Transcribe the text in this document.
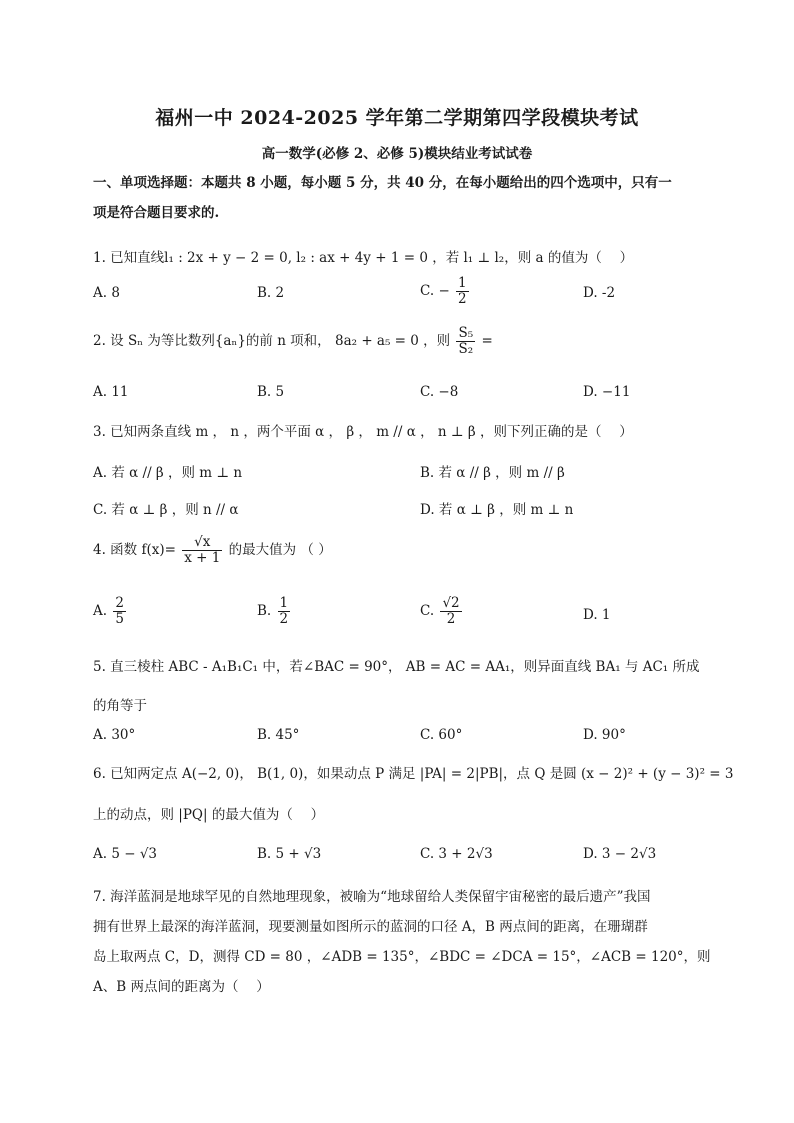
福州一中 2024-2025 学年第二学期第四学段模块考试
高一数学(必修 2、必修 5)模块结业考试试卷
一、单项选择题：本题共 8 小题，每小题 5 分，共 40 分，在每小题给出的四个选项中，只有一
项是符合题目要求的.
1. 已知直线l₁ : 2x + y − 2 = 0, l₂ : ax + 4y + 1 = 0 ，若 l₁ ⊥ l₂，则 a 的值为（　 ）
A. 8	B. 2	C. − $\frac{1}{2}$	D. -2
2. 设 Sₙ 为等比数列{aₙ}的前 n 项和， 8a₂ + a₅ = 0 ，则 $\frac{\text{S₅}}{\text{S₂}}$ =
A. 11	B. 5	C. −8	D. −11
3. 已知两条直线 m ， n ，两个平面 α ， β ， m // α ， n ⊥ β ，则下列正确的是（　 ）
A. 若 α // β ，则 m ⊥ n	B. 若 α // β ，则 m // β
C. 若 α ⊥ β ，则 n // α	D. 若 α ⊥ β ，则 m ⊥ n
4. 函数 $f(x)= \frac{√x}{x + 1}$ 的最大值为 （ ）
A. $\frac{2}{5}$	B. $\frac{1}{2}$	C. $\frac{√2}{2}$	D. 1
5. 直三棱柱 ABC - A₁B₁C₁ 中，若∠BAC = 90°， AB = AC = AA₁，则异面直线 BA₁ 与 AC₁ 所成
的角等于
A. 30°	B. 45°	C. 60°	D. 90°
6. 已知两定点 A(−2, 0)， B(1, 0)，如果动点 P 满足 |PA| = 2|PB|，点 Q 是圆 (x − 2)² + (y − 3)² = 3
上的动点，则 |PQ| 的最大值为（　 ）
A. 5 − √3	B. 5 + √3	C. 3 + 2√3	D. 3 − 2√3
7. 海洋蓝洞是地球罕见的自然地理现象，被喻为“地球留给人类保留宇宙秘密的最后遗产”我国
拥有世界上最深的海洋蓝洞，现要测量如图所示的蓝洞的口径 A，B 两点间的距离，在珊瑚群
岛上取两点 C，D，测得 CD = 80 ，∠ADB = 135°，∠BDC = ∠DCA = 15°，∠ACB = 120°，则
A、B 两点间的距离为（　 ）
